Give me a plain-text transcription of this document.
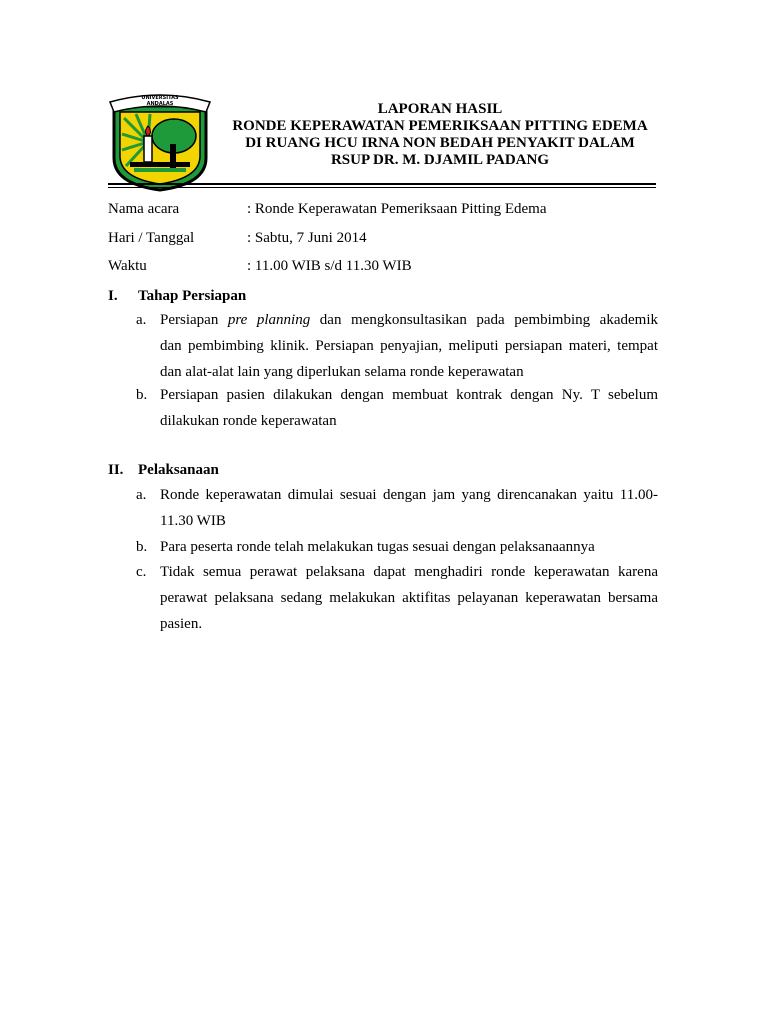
UNIVERSITAS ANDALAS	LAPORAN HASIL
RONDE KEPERAWATAN PEMERIKSAAN PITTING EDEMA
DI RUANG HCU IRNA NON BEDAH PENYAKIT DALAM
RSUP DR. M. DJAMIL PADANG
Nama acara	: Ronde Keperawatan Pemeriksaan Pitting Edema
Hari / Tanggal	: Sabtu, 7 Juni 2014
Waktu	: 11.00 WIB s/d 11.30 WIB
I. Tahap Persiapan
a. Persiapan pre planning dan mengkonsultasikan pada pembimbing akademik
dan pembimbing klinik. Persiapan penyajian, meliputi persiapan materi, tempat
dan alat-alat lain yang diperlukan selama ronde keperawatan
b. Persiapan pasien dilakukan dengan membuat kontrak dengan Ny. T sebelum
dilakukan ronde keperawatan
II. Pelaksanaan
a. Ronde keperawatan dimulai sesuai dengan jam yang direncanakan yaitu 11.00-
11.30 WIB
b. Para peserta ronde telah melakukan tugas sesuai dengan pelaksanaannya
c. Tidak semua perawat pelaksana dapat menghadiri ronde keperawatan karena
perawat pelaksana sedang melakukan aktifitas pelayanan keperawatan bersama
pasien.
